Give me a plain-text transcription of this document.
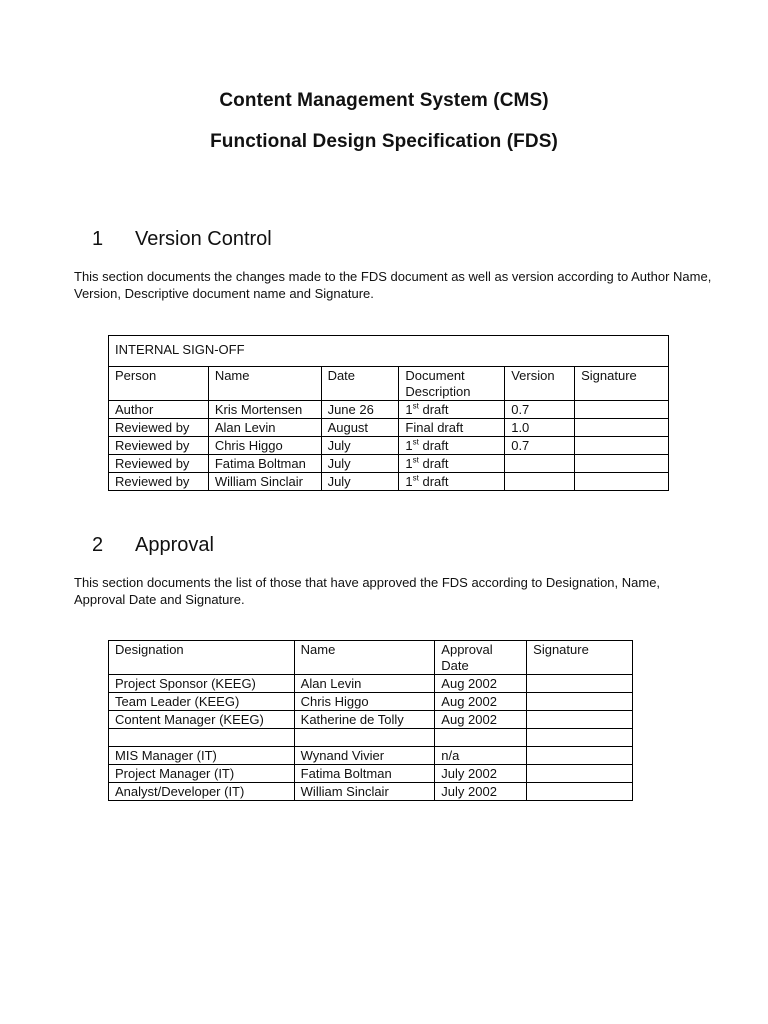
Content Management System (CMS)
Functional Design Specification (FDS)
1 Version Control
This section documents the changes made to the FDS document as well as version according to Author Name, Version, Descriptive document name and Signature.
INTERNAL SIGN-OFF					
Person	Name	Date	Document Description	Version	Signature
Author	Kris Mortensen	June 26	1st draft	0.7	
Reviewed by	Alan Levin	August	Final draft	1.0	
Reviewed by	Chris Higgo	July	1st draft	0.7	
Reviewed by	Fatima Boltman	July	1st draft		
Reviewed by	William Sinclair	July	1st draft		
2 Approval
This section documents the list of those that have approved the FDS according to Designation, Name, Approval Date and Signature.
Designation	Name	Approval Date	Signature
Project Sponsor (KEEG)	Alan Levin	Aug 2002	
Team Leader (KEEG)	Chris Higgo	Aug 2002	
Content Manager (KEEG)	Katherine de Tolly	Aug 2002	

MIS Manager (IT)	Wynand Vivier	n/a	
Project Manager (IT)	Fatima Boltman	July 2002	
Analyst/Developer (IT)	William Sinclair	July 2002	
